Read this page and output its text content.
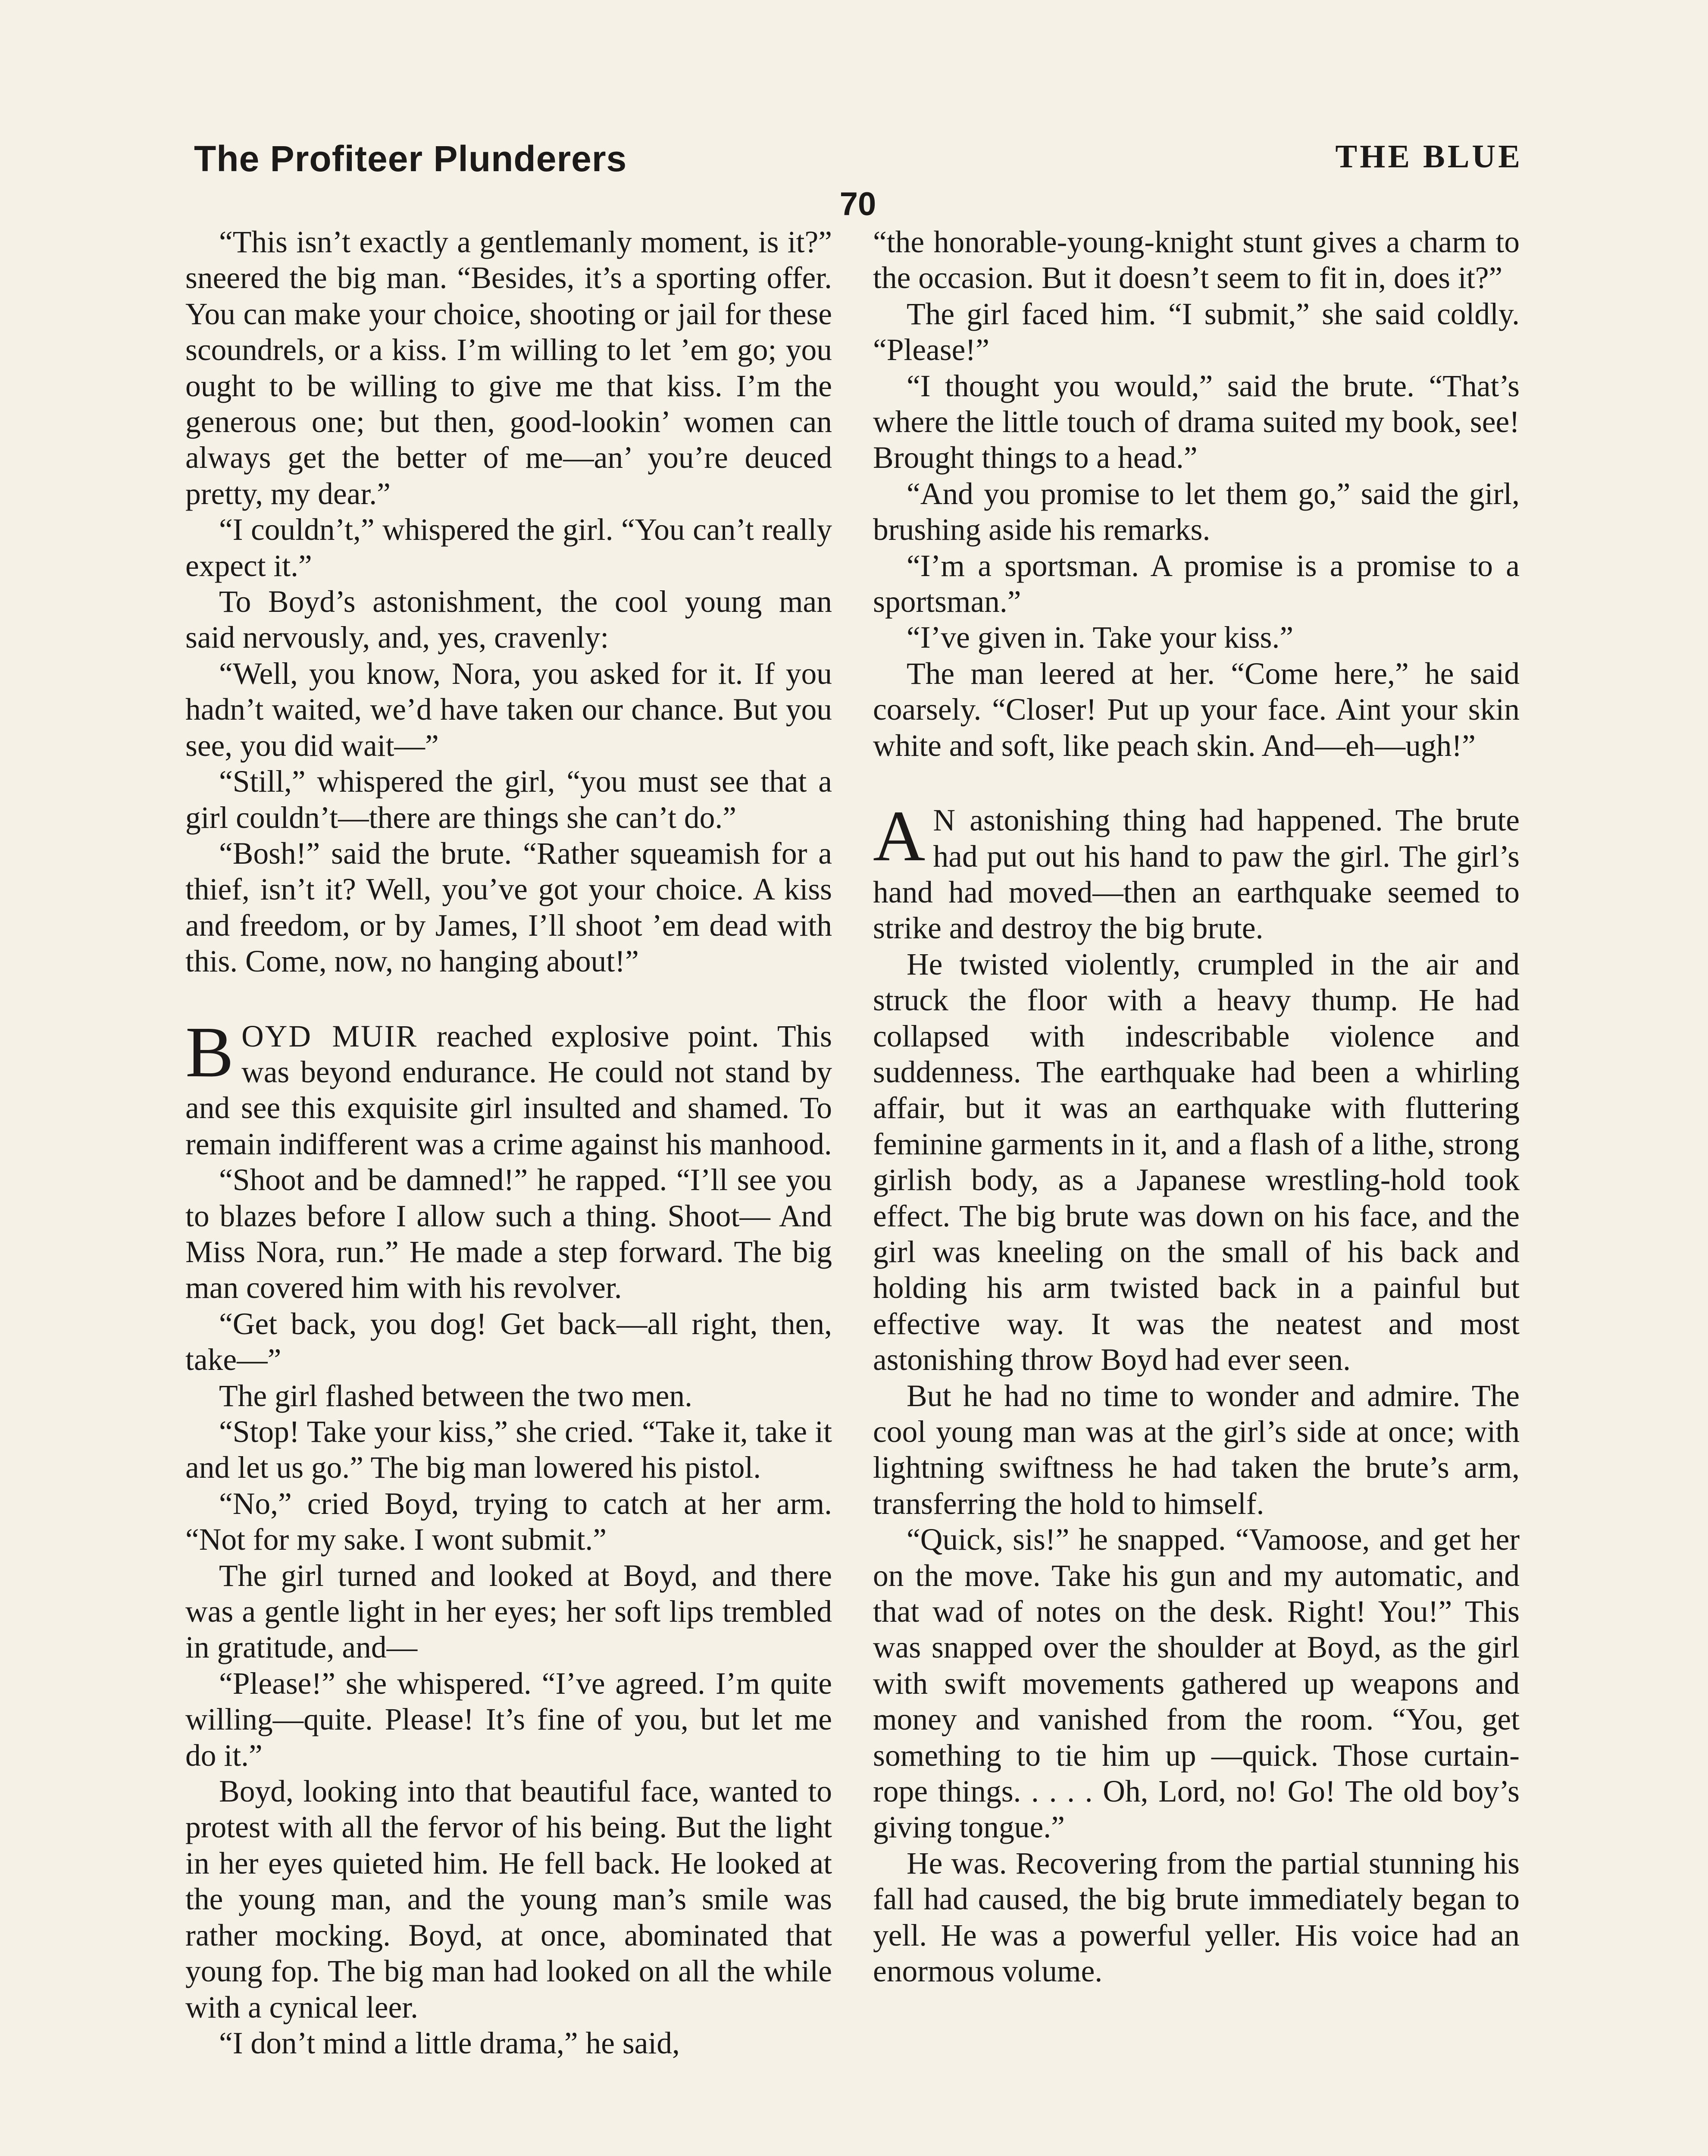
The Profiteer Plunderers	THE BLUE
70

“This isn’t exactly a gentlemanly moment, is it?” sneered the big man. “Besides, it’s a sporting offer. You can make your choice, shooting or jail for these scoundrels, or a kiss. I’m willing to let ’em go; you ought to be willing to give me that kiss. I’m the generous one; but then, good-lookin’ women can always get the better of me—an’ you’re deuced pretty, my dear.”

“I couldn’t,” whispered the girl. “You can’t really expect it.”

To Boyd’s astonishment, the cool young man said nervously, and, yes, cravenly:

“Well, you know, Nora, you asked for it. If you hadn’t waited, we’d have taken our chance. But you see, you did wait—”

“Still,” whispered the girl, “you must see that a girl couldn’t—there are things she can’t do.”

“Bosh!” said the brute. “Rather squeamish for a thief, isn’t it? Well, you’ve got your choice. A kiss and freedom, or by James, I’ll shoot ’em dead with this. Come, now, no hanging about!”

BOYD MUIR reached explosive point. This was beyond endurance. He could not stand by and see this exquisite girl insulted and shamed. To remain indifferent was a crime against his manhood.

“Shoot and be damned!” he rapped. “I’ll see you to blazes before I allow such a thing. Shoot— And Miss Nora, run.” He made a step forward. The big man covered him with his revolver.

“Get back, you dog! Get back—all right, then, take—”

The girl flashed between the two men.

“Stop! Take your kiss,” she cried. “Take it, take it and let us go.” The big man lowered his pistol.

“No,” cried Boyd, trying to catch at her arm. “Not for my sake. I wont submit.”

The girl turned and looked at Boyd, and there was a gentle light in her eyes; her soft lips trembled in gratitude, and—

“Please!” she whispered. “I’ve agreed. I’m quite willing—quite. Please! It’s fine of you, but let me do it.”

Boyd, looking into that beautiful face, wanted to protest with all the fervor of his being. But the light in her eyes quieted him. He fell back. He looked at the young man, and the young man’s smile was rather mocking. Boyd, at once, abominated that young fop. The big man had looked on all the while with a cynical leer.

“I don’t mind a little drama,” he said,

“the honorable-young-knight stunt gives a charm to the occasion. But it doesn’t seem to fit in, does it?”

The girl faced him. “I submit,” she said coldly. “Please!”

“I thought you would,” said the brute. “That’s where the little touch of drama suited my book, see! Brought things to a head.”

“And you promise to let them go,” said the girl, brushing aside his remarks.

“I’m a sportsman. A promise is a promise to a sportsman.”

“I’ve given in. Take your kiss.”

The man leered at her. “Come here,” he said coarsely. “Closer! Put up your face. Aint your skin white and soft, like peach skin. And—eh—ugh!”

A N astonishing thing had happened. The brute had put out his hand to paw the girl. The girl’s hand had moved—then an earthquake seemed to strike and destroy the big brute.

He twisted violently, crumpled in the air and struck the floor with a heavy thump. He had collapsed with indescribable violence and suddenness. The earthquake had been a whirling affair, but it was an earthquake with fluttering feminine garments in it, and a flash of a lithe, strong girlish body, as a Japanese wrestling-hold took effect. The big brute was down on his face, and the girl was kneeling on the small of his back and holding his arm twisted back in a painful but effective way. It was the neatest and most astonishing throw Boyd had ever seen.

But he had no time to wonder and admire. The cool young man was at the girl’s side at once; with lightning swiftness he had taken the brute’s arm, transferring the hold to himself.

“Quick, sis!” he snapped. “Vamoose, and get her on the move. Take his gun and my automatic, and that wad of notes on the desk. Right! You!” This was snapped over the shoulder at Boyd, as the girl with swift movements gathered up weapons and money and vanished from the room. “You, get something to tie him up —quick. Those curtain-rope things. . . . . Oh, Lord, no! Go! The old boy’s giving tongue.”

He was. Recovering from the partial stunning his fall had caused, the big brute immediately began to yell. He was a powerful yeller. His voice had an enormous volume.
